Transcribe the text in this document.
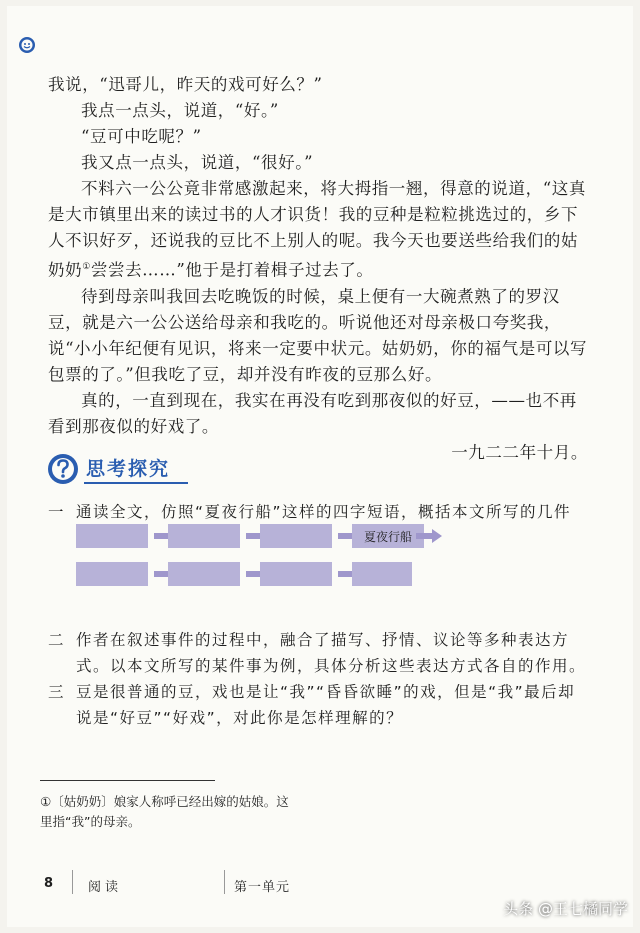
我说，“迅哥儿，昨天的戏可好么？”

我点一点头，说道，“好。”

“豆可中吃呢？”

我又点一点头，说道，“很好。”

不料六一公公竟非常感激起来，将大拇指一翘，得意的说道，“这真是大市镇里出来的读过书的人才识货！我的豆种是粒粒挑选过的，乡下人不识好歹，还说我的豆比不上别人的呢。我今天也要送些给我们的姑奶奶①尝尝去……”他于是打着楫子过去了。

待到母亲叫我回去吃晚饭的时候，桌上便有一大碗煮熟了的罗汉豆，就是六一公公送给母亲和我吃的。听说他还对母亲极口夸奖我，说“小小年纪便有见识，将来一定要中状元。姑奶奶，你的福气是可以写包票的了。”但我吃了豆，却并没有昨夜的豆那么好。

真的，一直到现在，我实在再没有吃到那夜似的好豆，——也不再看到那夜似的好戏了。

一九二二年十月。
思考探究
一 通读全文，仿照“夏夜行船”这样的四字短语，概括本文所写的几件
二 作者在叙述事件的过程中，融合了描写、抒情、议论等多种表达方式。以本文所写的某件事为例，具体分析这些表达方式各自的作用。
三 豆是很普通的豆，戏也是让“我”“昏昏欲睡”的戏，但是“我”最后却说是“好豆”“好戏”，对此你是怎样理解的？
夏夜行船
①〔姑奶奶〕娘家人称呼已经出嫁的姑娘。这
里指“我”的母亲。
8	阅读	第一单元
头条 @王七橘同学
